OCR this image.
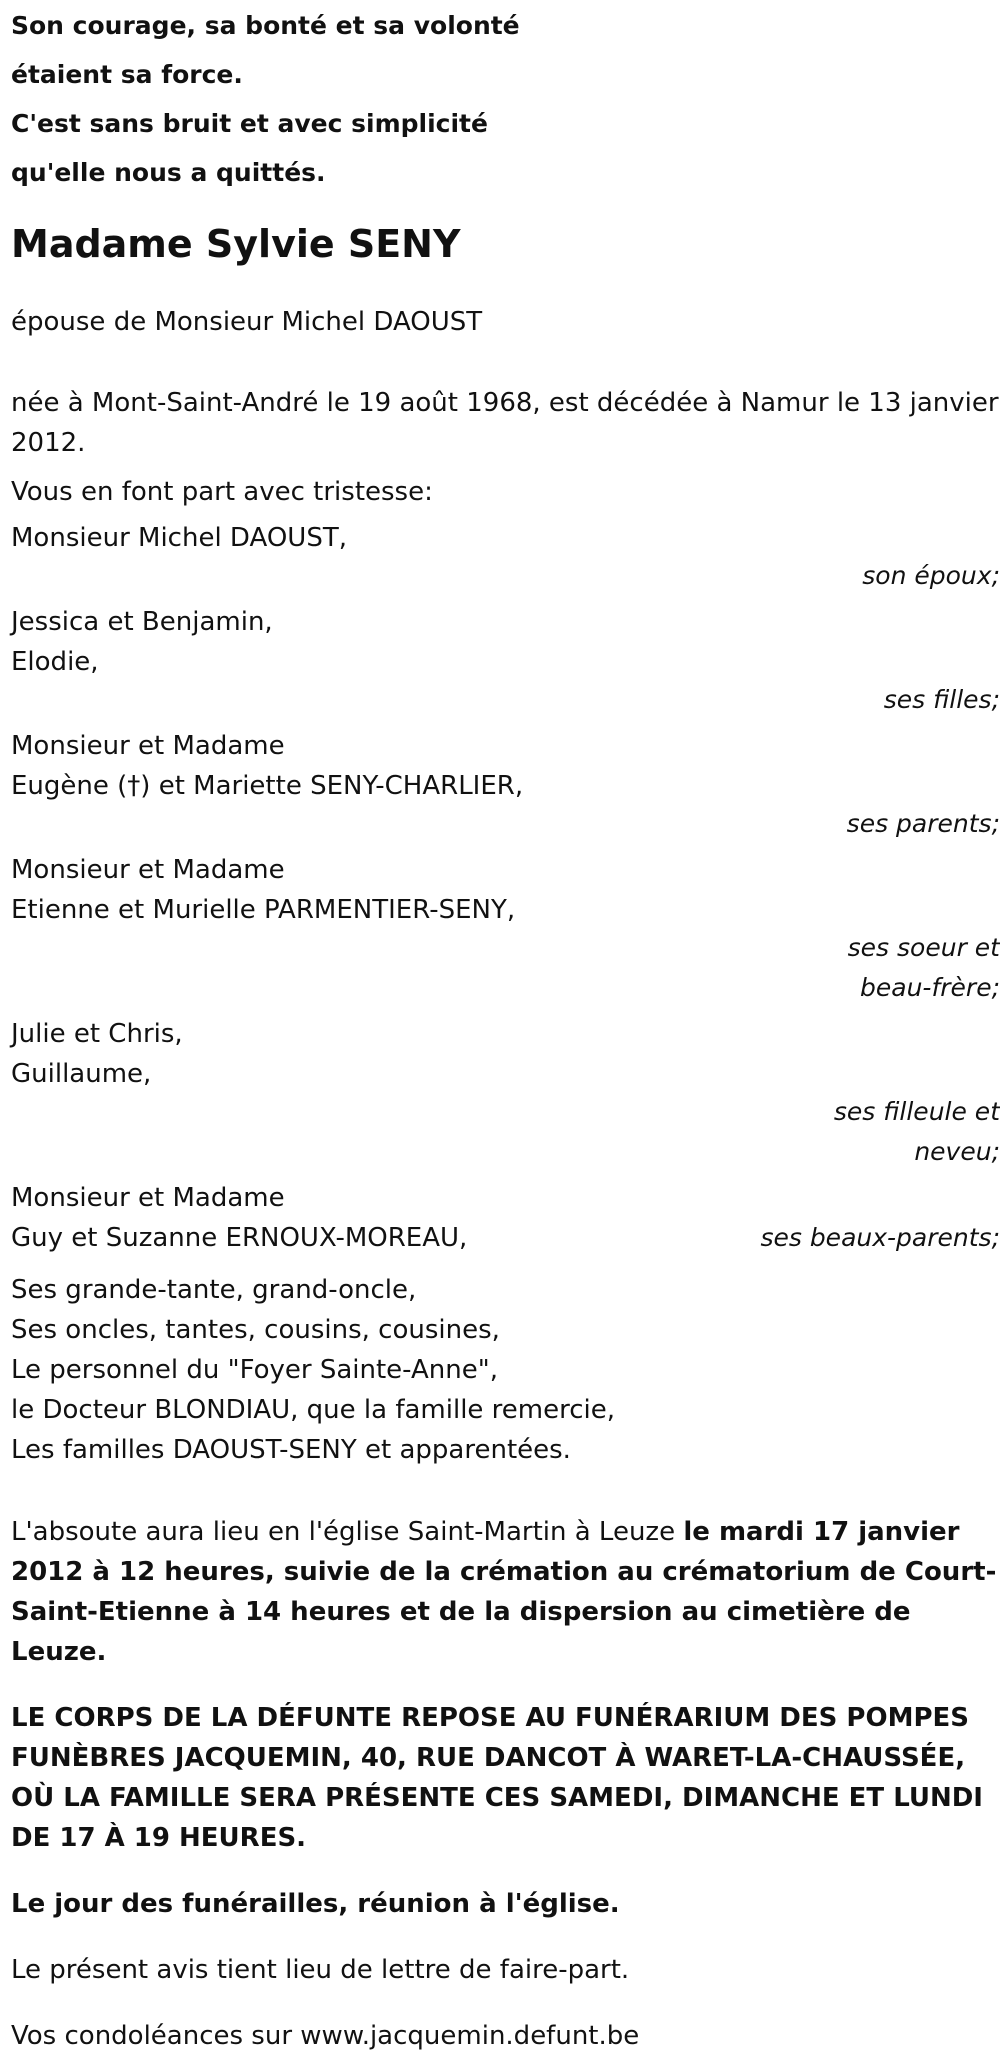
Son courage, sa bonté et sa volonté
étaient sa force.
C'est sans bruit et avec simplicité
qu'elle nous a quittés.
Madame Sylvie SENY

épouse de Monsieur Michel DAOUST

née à Mont-Saint-André le 19 août 1968, est décédée à Namur le 13 janvier 2012.

Vous en font part avec tristesse:

Monsieur Michel DAOUST,
son époux;
Jessica et Benjamin,
Elodie,
ses filles;
Monsieur et Madame
Eugène (†) et Mariette SENY-CHARLIER,
ses parents;
Monsieur et Madame
Etienne et Murielle PARMENTIER-SENY,
ses soeur et
beau-frère;
Julie et Chris,
Guillaume,
ses filleule et
neveu;
Monsieur et Madame
Guy et Suzanne ERNOUX-MOREAU,	ses beaux-parents;
Ses grande-tante, grand-oncle,
Ses oncles, tantes, cousins, cousines,
Le personnel du "Foyer Sainte-Anne",
le Docteur BLONDIAU, que la famille remercie,
Les familles DAOUST-SENY et apparentées.

L'absoute aura lieu en l'église Saint-Martin à Leuze le mardi 17 janvier 2012 à 12 heures, suivie de la crémation au crématorium de Court-Saint-Etienne à 14 heures et de la dispersion au cimetière de Leuze.

LE CORPS DE LA DÉFUNTE REPOSE AU FUNÉRARIUM DES POMPES FUNÈBRES JACQUEMIN, 40, RUE DANCOT À WARET-LA-CHAUSSÉE, OÙ LA FAMILLE SERA PRÉSENTE CES SAMEDI, DIMANCHE ET LUNDI DE 17 À 19 HEURES.

Le jour des funérailles, réunion à l'église.

Le présent avis tient lieu de lettre de faire-part.

Vos condoléances sur www.jacquemin.defunt.be
